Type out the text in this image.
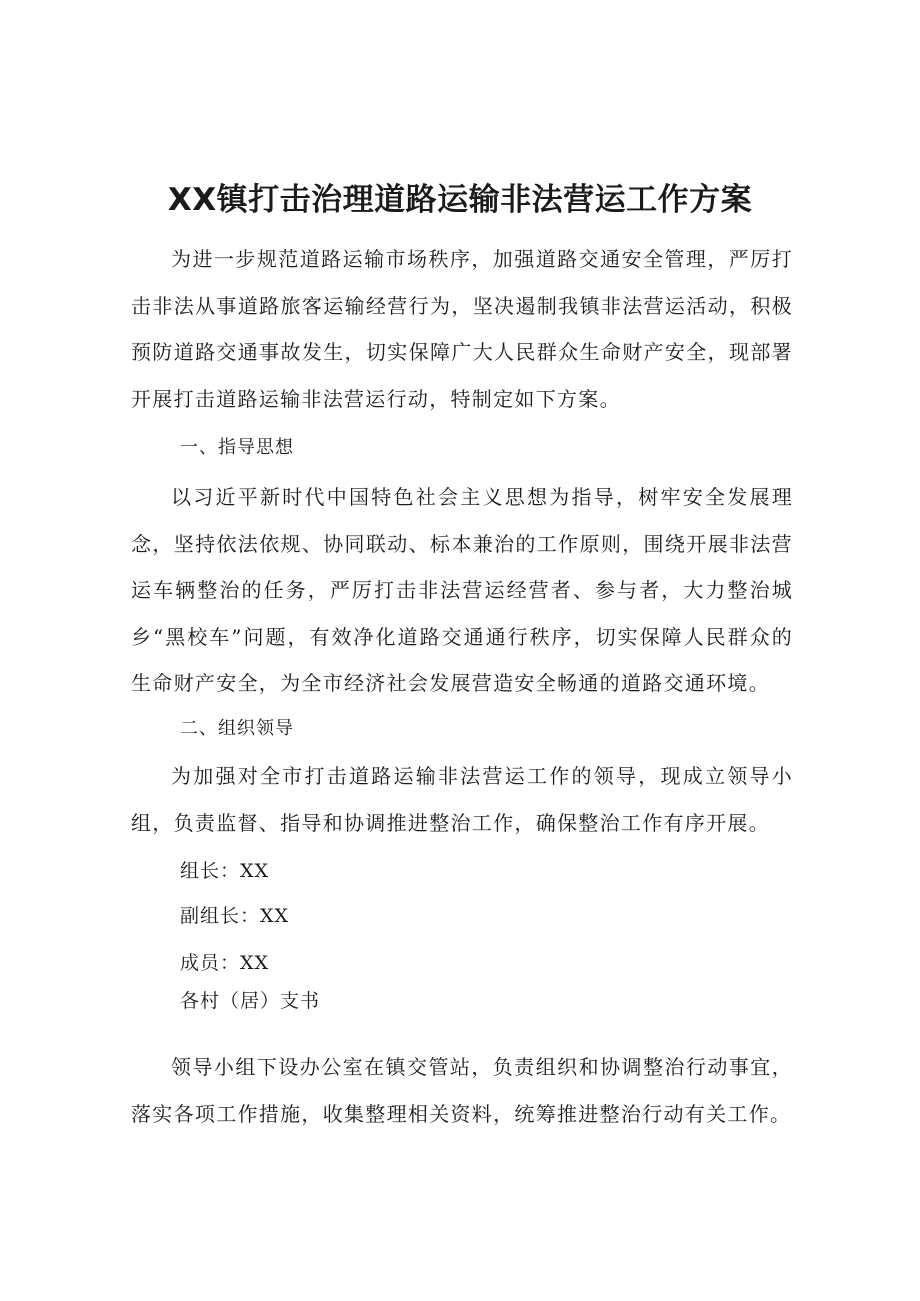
XX镇打击治理道路运输非法营运工作方案

为进一步规范道路运输市场秩序，加强道路交通安全管理，严厉打击非法从事道路旅客运输经营行为，坚决遏制我镇非法营运活动，积极预防道路交通事故发生，切实保障广大人民群众生命财产安全，现部署开展打击道路运输非法营运行动，特制定如下方案。

一、指导思想

以习近平新时代中国特色社会主义思想为指导，树牢安全发展理念，坚持依法依规、协同联动、标本兼治的工作原则，围绕开展非法营运车辆整治的任务，严厉打击非法营运经营者、参与者，大力整治城乡“黑校车”问题，有效净化道路交通通行秩序，切实保障人民群众的生命财产安全，为全市经济社会发展营造安全畅通的道路交通环境。

二、组织领导

为加强对全市打击道路运输非法营运工作的领导，现成立领导小组，负责监督、指导和协调推进整治工作，确保整治工作有序开展。

组长：XX

副组长：XX

成员：XX

各村（居）支书

领导小组下设办公室在镇交管站，负责组织和协调整治行动事宜，落实各项工作措施，收集整理相关资料，统筹推进整治行动有关工作。
